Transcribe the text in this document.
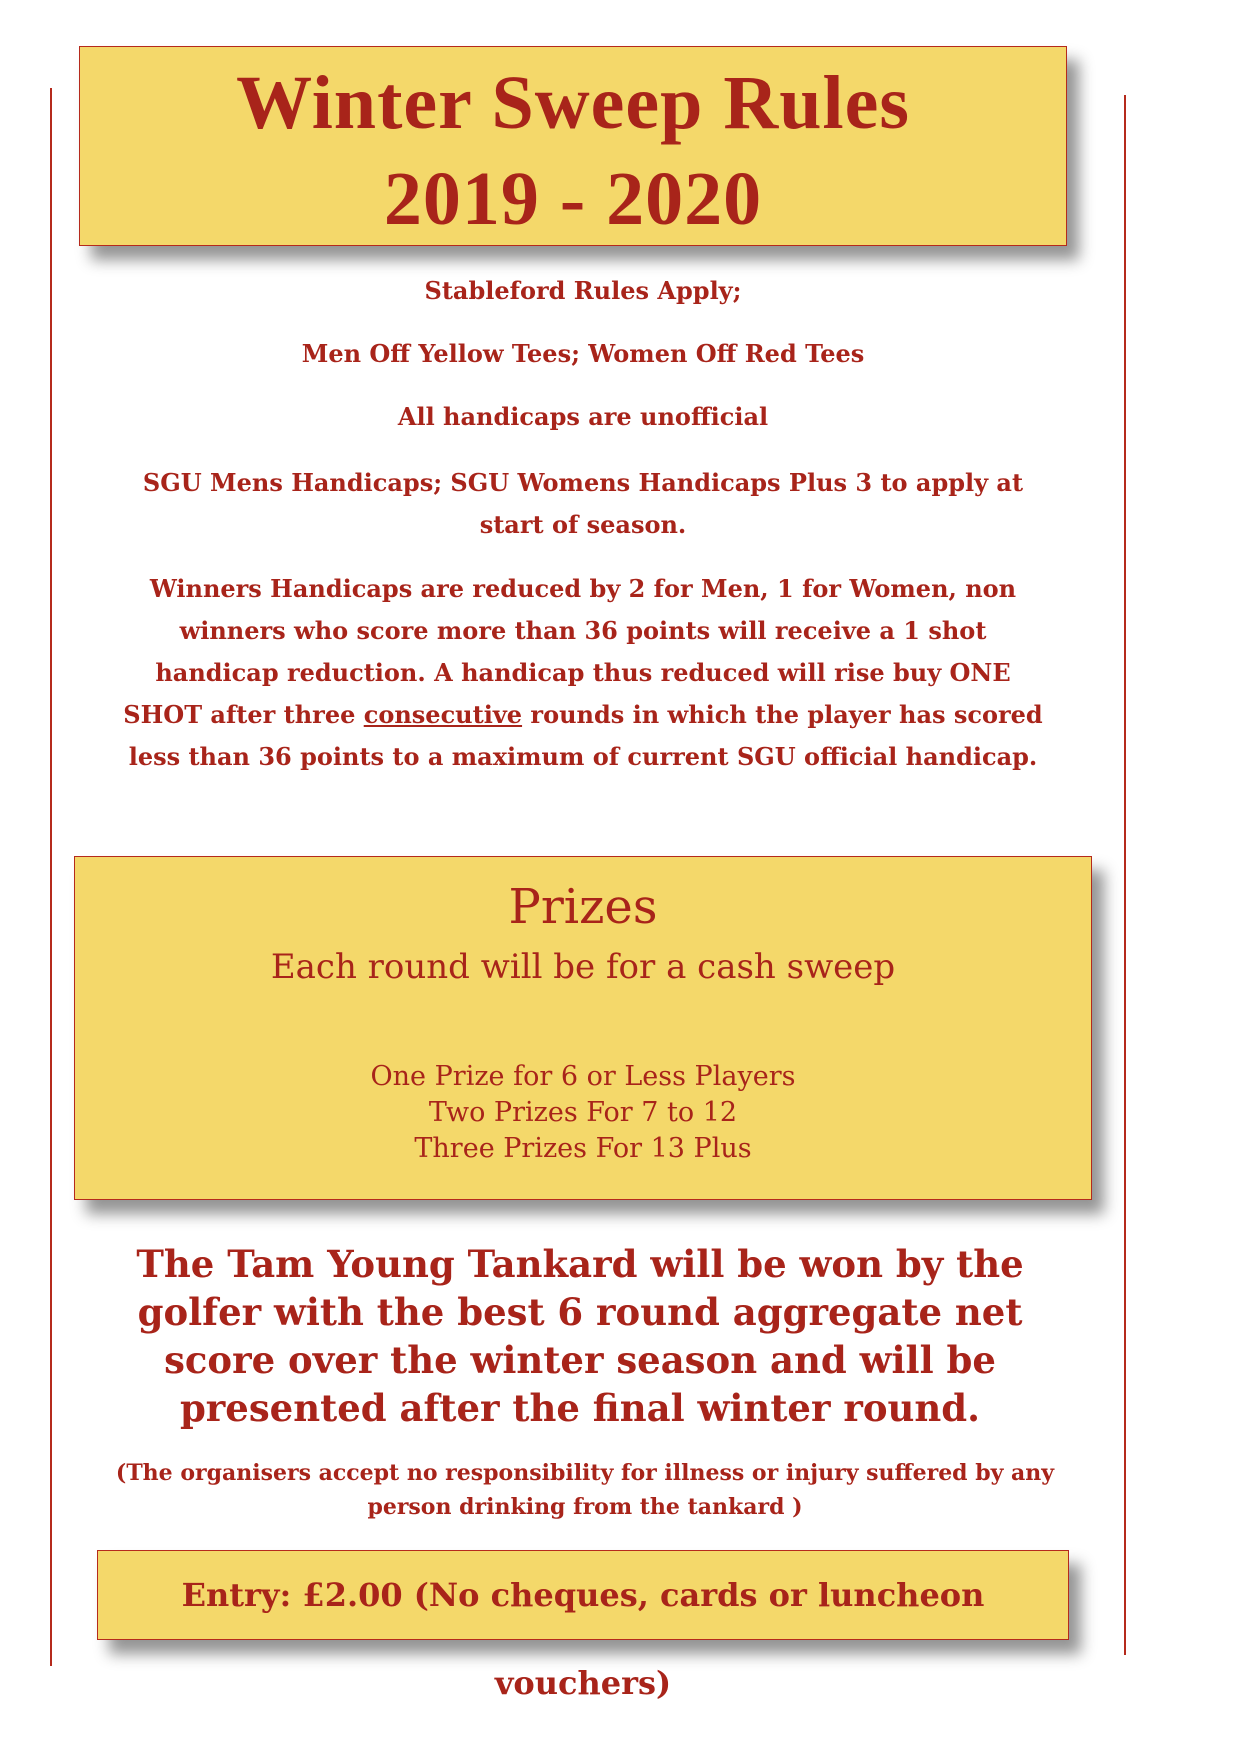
Winter Sweep Rules
2019 - 2020
Stableford Rules Apply;
Men Off Yellow Tees; Women Off Red Tees
All handicaps are unofficial
SGU Mens Handicaps; SGU Womens Handicaps Plus 3 to apply at start of season.
Winners Handicaps are reduced by 2 for Men, 1 for Women, non winners who score more than 36 points will receive a 1 shot handicap reduction. A handicap thus reduced will rise buy ONE SHOT after three consecutive rounds in which the player has scored less than 36 points to a maximum of current SGU official handicap.
Prizes
Each round will be for a cash sweep
One Prize for 6 or Less Players
Two Prizes For 7 to 12
Three Prizes For 13 Plus
The Tam Young Tankard will be won by the golfer with the best 6 round aggregate net score over the winter season and will be presented after the final winter round.
(The organisers accept no responsibility for illness or injury suffered by any person drinking from the tankard )
Entry: £2.00 (No cheques, cards or luncheon vouchers)
